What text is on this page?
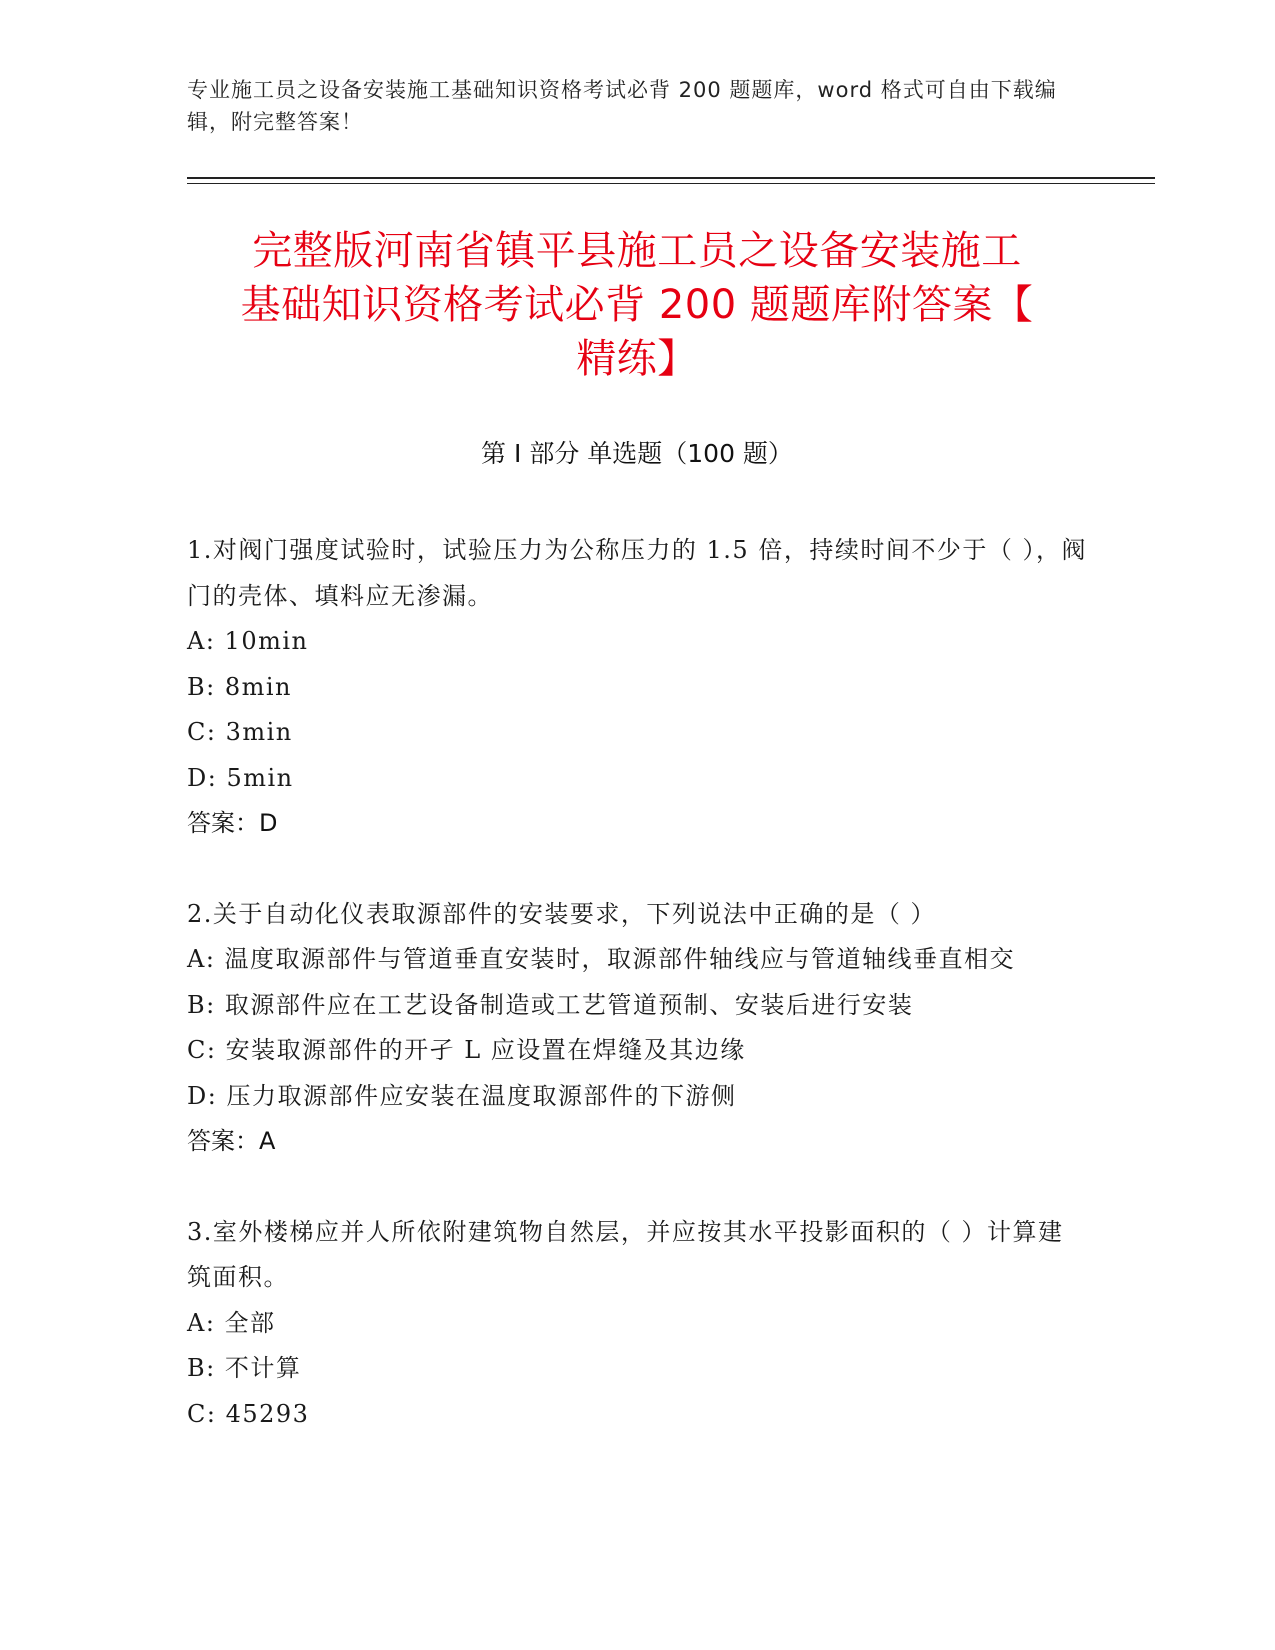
专业施工员之设备安装施工基础知识资格考试必背 200 题题库，word 格式可自由下载编辑，附完整答案！
完整版河南省镇平县施工员之设备安装施工
基础知识资格考试必背 200 题题库附答案【
精练】
第 I 部分 单选题（100 题）
1.对阀门强度试验时，试验压力为公称压力的 1.5 倍，持续时间不少于（ ），阀门的壳体、填料应无渗漏。
A: 10min
B: 8min
C: 3min
D: 5min
答案：D
2.关于自动化仪表取源部件的安装要求，下列说法中正确的是（ ）
A: 温度取源部件与管道垂直安装时，取源部件轴线应与管道轴线垂直相交
B: 取源部件应在工艺设备制造或工艺管道预制、安装后进行安装
C: 安装取源部件的开孑 L 应设置在焊缝及其边缘
D: 压力取源部件应安装在温度取源部件的下游侧
答案：A
3.室外楼梯应并人所依附建筑物自然层，并应按其水平投影面积的（ ）计算建筑面积。
A: 全部
B: 不计算
C: 45293
